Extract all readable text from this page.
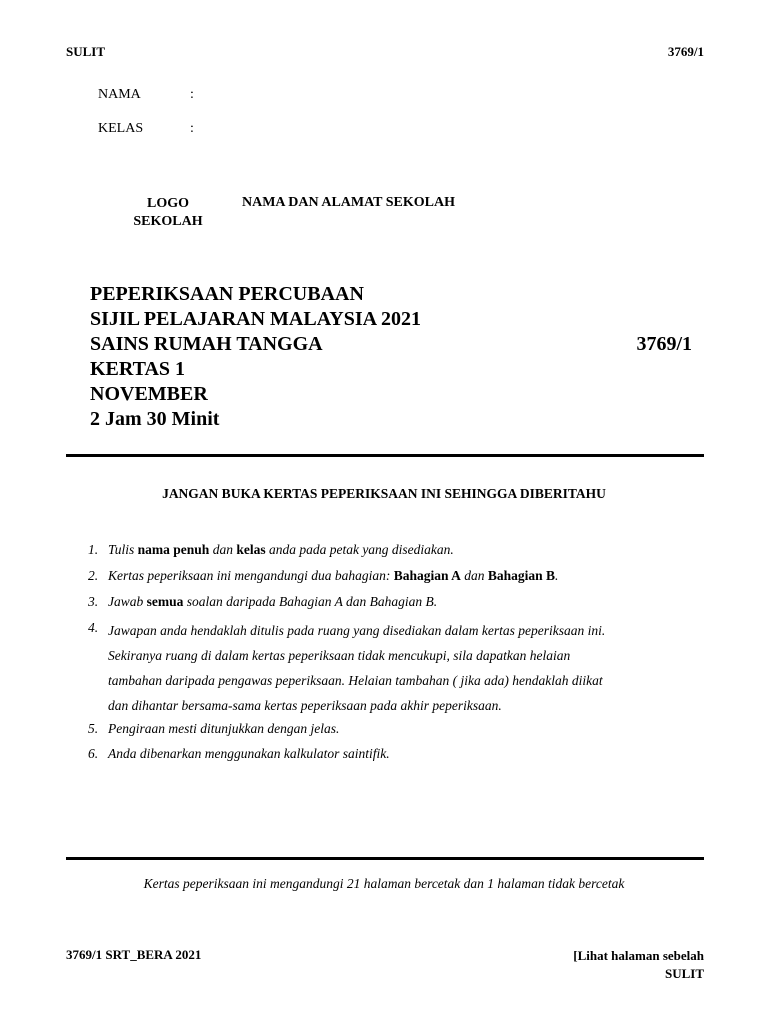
SULIT	3769/1
NAMA	:
KELAS	:
LOGO
SEKOLAH
NAMA DAN ALAMAT SEKOLAH
PEPERIKSAAN PERCUBAAN
SIJIL PELAJARAN MALAYSIA 2021
SAINS RUMAH TANGGA
KERTAS 1
NOVEMBER
2 Jam 30 Minit
3769/1
JANGAN BUKA KERTAS PEPERIKSAAN INI SEHINGGA DIBERITAHU
1. Tulis nama penuh dan kelas anda pada petak yang disediakan.
2. Kertas peperiksaan ini mengandungi dua bahagian: Bahagian A dan Bahagian B.
3. Jawab semua soalan daripada Bahagian A dan Bahagian B.
4. Jawapan anda hendaklah ditulis pada ruang yang disediakan dalam kertas peperiksaan ini.
Sekiranya ruang di dalam kertas peperiksaan tidak mencukupi, sila dapatkan helaian
tambahan daripada pengawas peperiksaan. Helaian tambahan ( jika ada) hendaklah diikat
dan dihantar bersama-sama kertas peperiksaan pada akhir peperiksaan.
5. Pengiraan mesti ditunjukkan dengan jelas.
6. Anda dibenarkan menggunakan kalkulator saintifik.
Kertas peperiksaan ini mengandungi 21 halaman bercetak dan 1 halaman tidak bercetak
3769/1 SRT_BERA 2021	[Lihat halaman sebelah
SULIT
